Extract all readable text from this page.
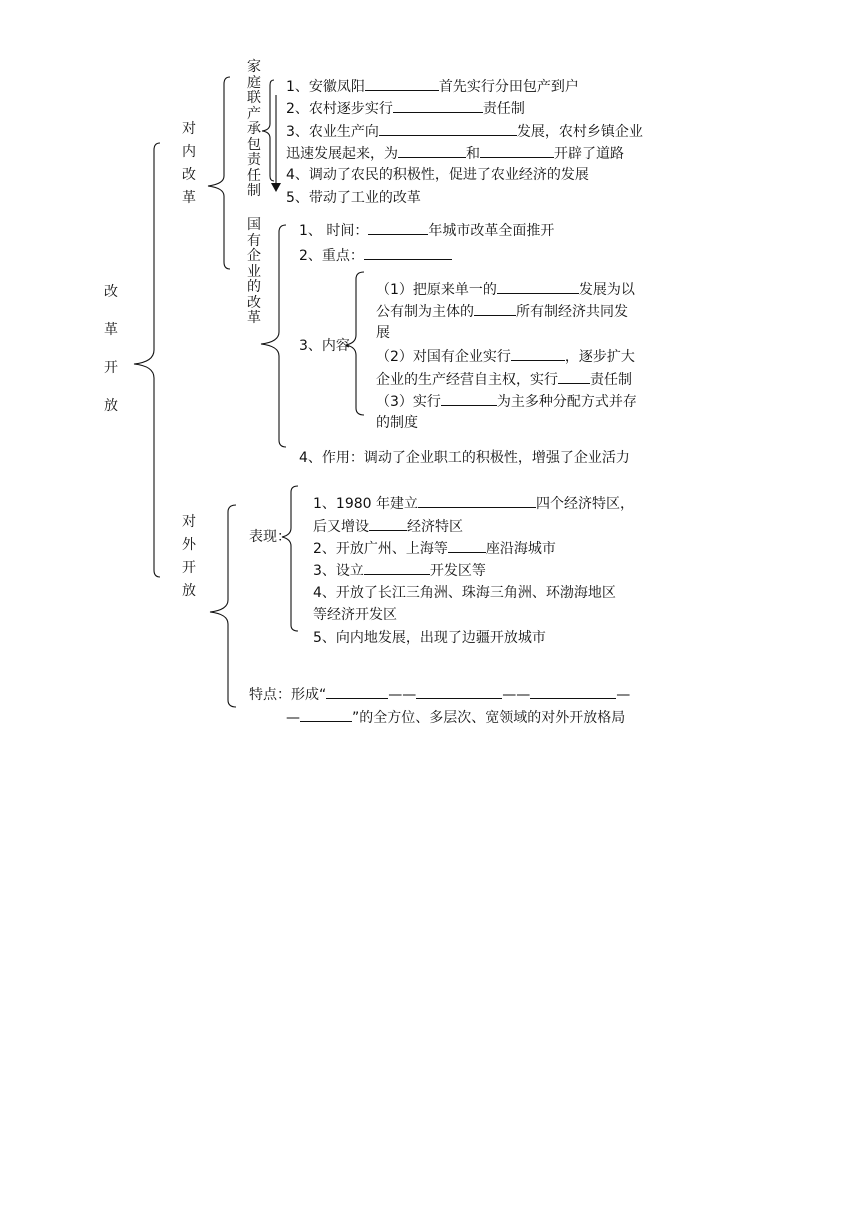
改

革

开

放
对
内
改
革
家庭联产承包责任制
1、安徽凤阳	首先实行分田包产到户
2、农村逐步实行	责任制
3、农业生产向	发展，农村乡镇企业
迅速发展起来，为	和	开辟了道路
4、调动了农民的积极性，促进了农业经济的发展
5、带动了工业的改革
国有企业的改革
1、 时间：	年城市改革全面推开
2、重点：
3、内容
（1）把原来单一的	发展为以
公有制为主体的	所有制经济共同发
展
（2）对国有企业实行	，逐步扩大
企业的生产经营自主权，实行 责任制
（3）实行	为主多种分配方式并存
的制度
4、作用：调动了企业职工的积极性，增强了企业活力
对
外
开
放
表现：
1、1980 年建立	四个经济特区，
后又增设	经济特区
2、开放广州、上海等	座沿海城市
3、设立	开发区等
4、开放了长江三角洲、珠海三角洲、环渤海地区
等经济开发区
5、向内地发展，出现了边疆开放城市
特点：形成“	——	——	—
—	”的全方位、多层次、宽领域的对外开放格局
